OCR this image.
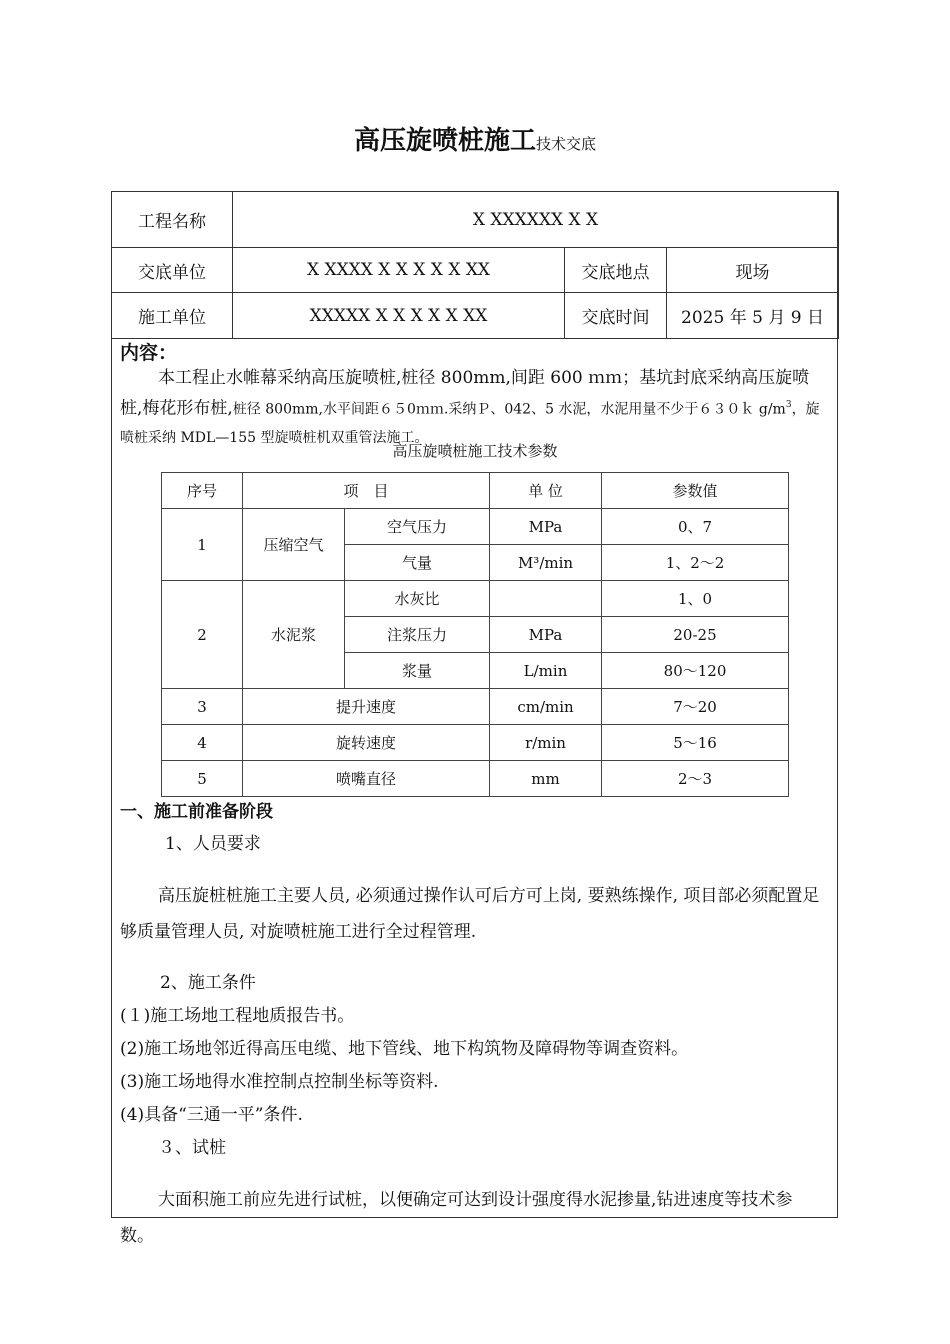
高压旋喷桩施工技术交底
工程名称	X XXXXXX X X		
交底单位	X XXXX X X X X X XX	交底地点	现场
施工单位	XXXXX X X X X X XX	交底时间	2025 年 5 月 9 日
内容：

本工程止水帷幕采纳高压旋喷桩,桩径 800mm,间距 600 ｍｍ；基坑封底采纳高压旋喷桩,梅花形布桩,桩径 800mm,水平间距６５0ｍｍ.采纳Ｐ、042、5 水泥，水泥用量不少于６３０ｋ $g/m^3$，旋喷桩采纳 MDL—155 型旋喷桩机双重管法施工。

高压旋喷桩施工技术参数
序号	项　目		单 位	参数值
1	压缩空气	空气压力	MPa	0、7
		气量	M³/min	1、2～2
2	水泥浆	水灰比		1、0
		注浆压力	MPa	20-25
		浆量	L/min	80～120
3	提升速度		cm/min	7～20
4	旋转速度		r/min	5～16
5	喷嘴直径		mm	2～3
一、施工前准备阶段
1、人员要求

高压旋桩桩施工主要人员, 必须通过操作认可后方可上岗, 要熟练操作, 项目部必须配置足够质量管理人员, 对旋喷桩施工进行全过程管理.

2、施工条件
(１)施工场地工程地质报告书。
(2)施工场地邻近得高压电缆、地下管线、地下构筑物及障碍物等调查资料。
(3)施工场地得水准控制点控制坐标等资料.
(4)具备“三通一平”条件.
３、试桩

大面积施工前应先进行试桩，以便确定可达到设计强度得水泥掺量,钻进速度等技术参数。
